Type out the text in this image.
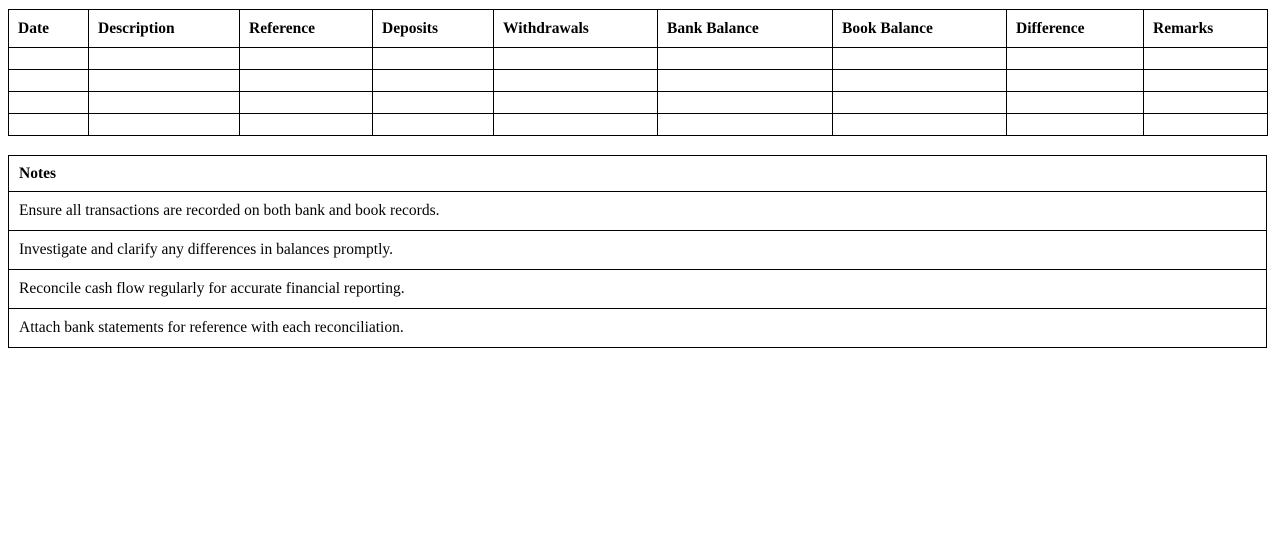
Date	Description	Reference	Deposits	Withdrawals	Bank Balance	Book Balance	Difference	Remarks

Notes
Ensure all transactions are recorded on both bank and book records.
Investigate and clarify any differences in balances promptly.
Reconcile cash flow regularly for accurate financial reporting.
Attach bank statements for reference with each reconciliation.
